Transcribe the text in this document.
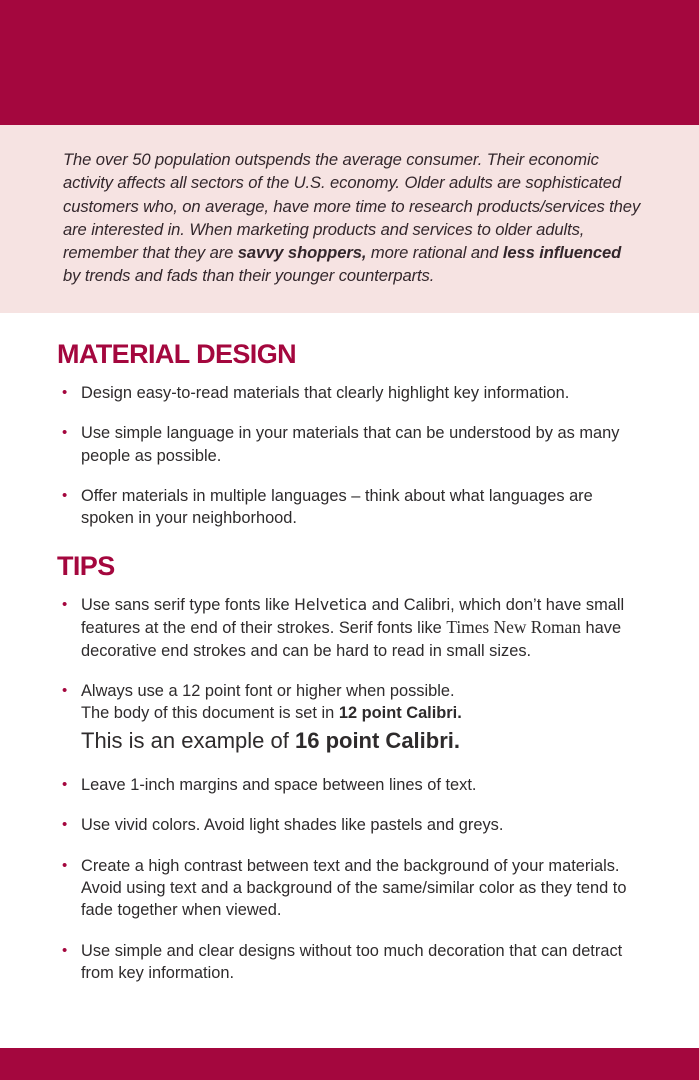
The over 50 population outspends the average consumer. Their economic activity affects all sectors of the U.S. economy. Older adults are sophisticated customers who, on average, have more time to research products/services they are interested in. When marketing products and services to older adults, remember that they are savvy shoppers, more rational and less influenced by trends and fads than their younger counterparts.

MATERIAL DESIGN
• Design easy-to-read materials that clearly highlight key information.
• Use simple language in your materials that can be understood by as many people as possible.
• Offer materials in multiple languages – think about what languages are spoken in your neighborhood.
TIPS
• Use sans serif type fonts like Helvetica and Calibri, which don’t have small features at the end of their strokes. Serif fonts like Times New Roman have decorative end strokes and can be hard to read in small sizes.
• Always use a 12 point font or higher when possible.
The body of this document is set in 12 point Calibri.
This is an example of 16 point Calibri.
• Leave 1-inch margins and space between lines of text.
• Use vivid colors. Avoid light shades like pastels and greys.
• Create a high contrast between text and the background of your materials. Avoid using text and a background of the same/similar color as they tend to fade together when viewed.
• Use simple and clear designs without too much decoration that can detract from key information.
